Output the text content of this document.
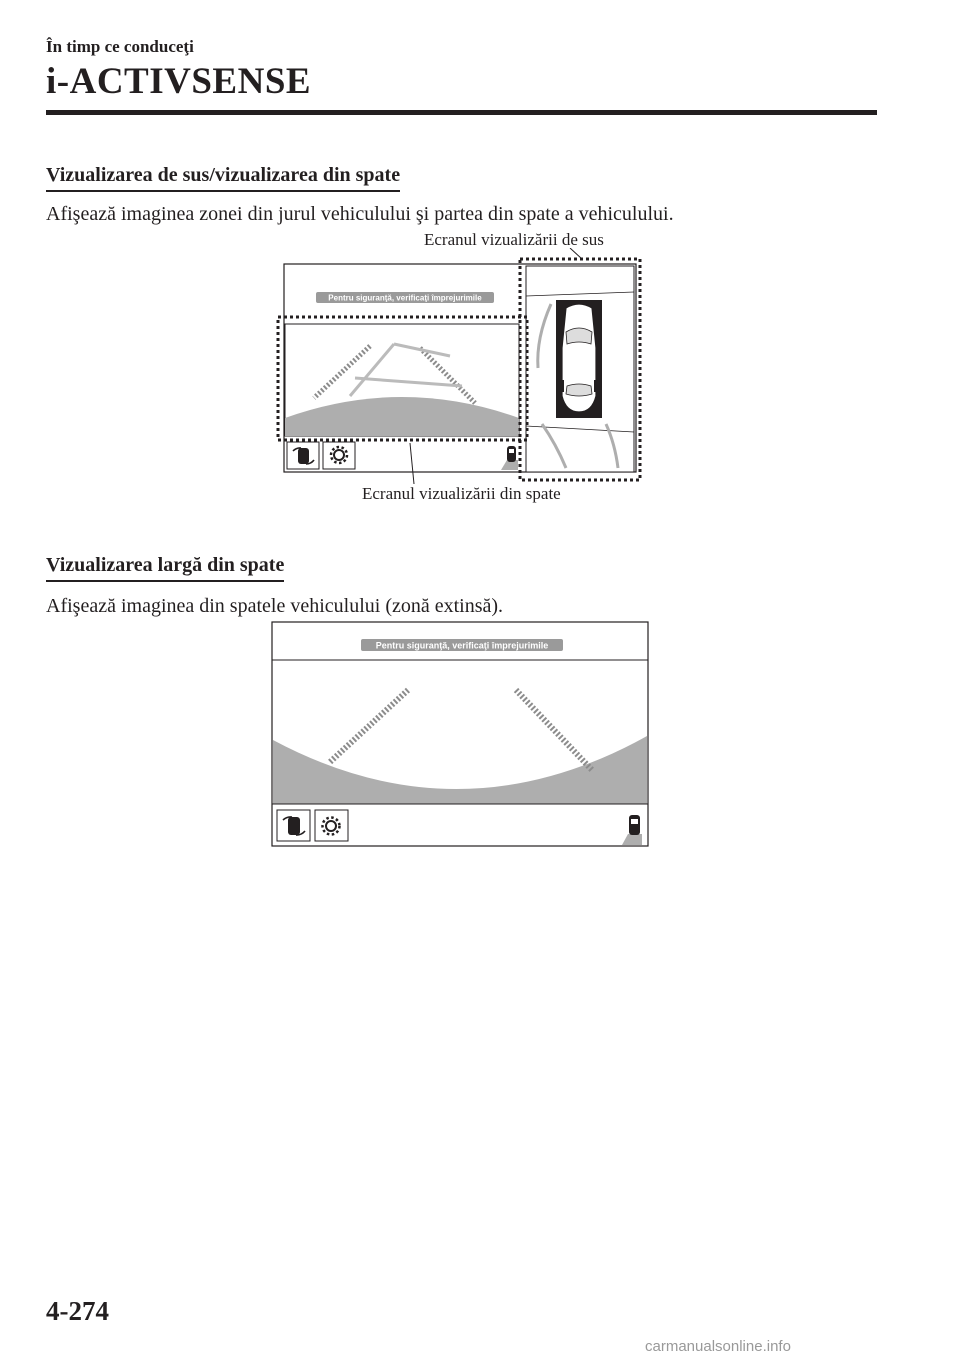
În timp ce conduceţi
i-ACTIVSENSE
Vizualizarea de sus/vizualizarea din spate
Afişează imaginea zonei din jurul vehiculului şi partea din spate a vehiculului.
Ecranul vizualizării de sus
Pentru siguranţă, verificaţi împrejurimile
Ecranul vizualizării din spate
Vizualizarea largă din spate
Afişează imaginea din spatele vehiculului (zonă extinsă).
Pentru siguranţă, verificaţi împrejurimile
4-274
carmanualsonline.info
